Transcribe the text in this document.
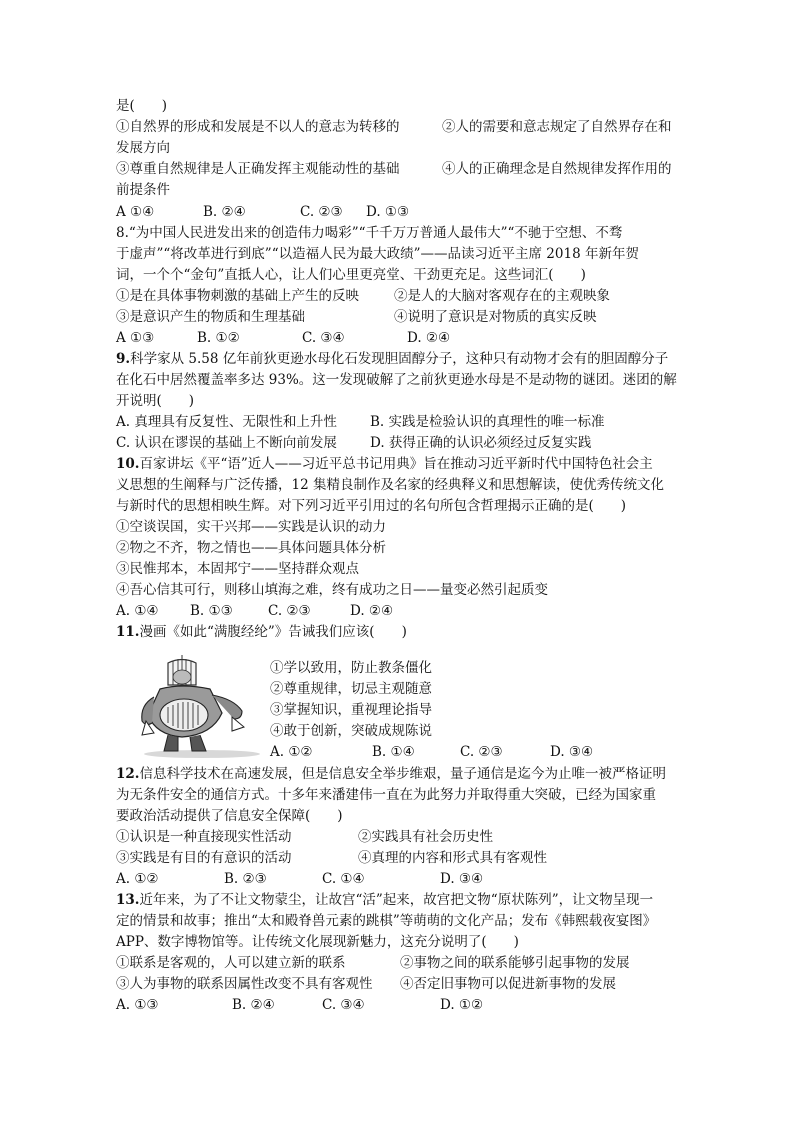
是(　　)
①自然界的形成和发展是不以人的意志为转移的	②人的需要和意志规定了自然界存在和
发展方向
③尊重自然规律是人正确发挥主观能动性的基础	④人的正确理念是自然规律发挥作用的
前提条件
A ①④	B. ②④	C. ②③ D. ①③
8.“为中国人民进发出来的创造伟力喝彩”“千千万万普通人最伟大”“不驰于空想、不骛
于虚声”“将改革进行到底”“以造福人民为最大政绩”——品读习近平主席 2018 年新年贺
词，一个个“金句”直抵人心，让人们心里更亮堂、干劲更充足。这些词汇(　　)
①是在具体事物刺激的基础上产生的反映	②是人的大脑对客观存在的主观映象
③是意识产生的物质和生理基础	④说明了意识是对物质的真实反映
A ①③	B. ①②	C. ③④	D. ②④
9.科学家从 5.58 亿年前狄更逊水母化石发现胆固醇分子，这种只有动物才会有的胆固醇分子
在化石中居然覆盖率多达 93%。这一发现破解了之前狄更逊水母是不是动物的谜团。迷团的解
开说明(　　)
A. 真理具有反复性、无限性和上升性 B. 实践是检验认识的真理性的唯一标准
C. 认识在谬误的基础上不断向前发展 D. 获得正确的认识必须经过反复实践
10.百家讲坛《平“语”近人——习近平总书记用典》旨在推动习近平新时代中国特色社会主
义思想的生阐释与广泛传播，12 集精良制作及名家的经典释义和思想解读，使优秀传统文化
与新时代的思想相映生辉。对下列习近平引用过的名句所包含哲理揭示正确的是(　　)
①空谈误国，实干兴邦——实践是认识的动力
②物之不齐，物之情也——具体问题具体分析
③民惟邦本，本固邦宁——坚持群众观点
④吾心信其可行，则移山填海之难，终有成功之日——量变必然引起质变
A. ①④ B. ①③	C. ②③	D. ②④
11.漫画《如此“满腹经纶”》告诫我们应该(　　)
①学以致用，防止教条僵化
②尊重规律，切忌主观随意
③掌握知识，重视理论指导
④敢于创新，突破成规陈说
A. ①②	B. ①④	C. ②③	D. ③④
12.信息科学技术在高速发展，但是信息安全举步维艰，量子通信是迄今为止唯一被严格证明
为无条件安全的通信方式。十多年来潘建伟一直在为此努力并取得重大突破，已经为国家重
要政治活动提供了信息安全保障(　　)
①认识是一种直接现实性活动	②实践具有社会历史性
③实践是有目的有意识的活动	④真理的内容和形式具有客观性
A. ①②	B. ②③	C. ①④	D. ③④
13.近年来，为了不让文物蒙尘，让故宫“活”起来，故宫把文物“原状陈列”，让文物呈现一
定的情景和故事；推出“太和殿脊兽元素的跳棋”等萌萌的文化产品；发布《韩熙载夜宴图》
APP、数字博物馆等。让传统文化展现新魅力，这充分说明了(　　)
①联系是客观的，人可以建立新的联系	②事物之间的联系能够引起事物的发展
③人为事物的联系因属性改变不具有客观性 ④否定旧事物可以促进新事物的发展
A. ①③	B. ②④	C. ③④	D. ①②
